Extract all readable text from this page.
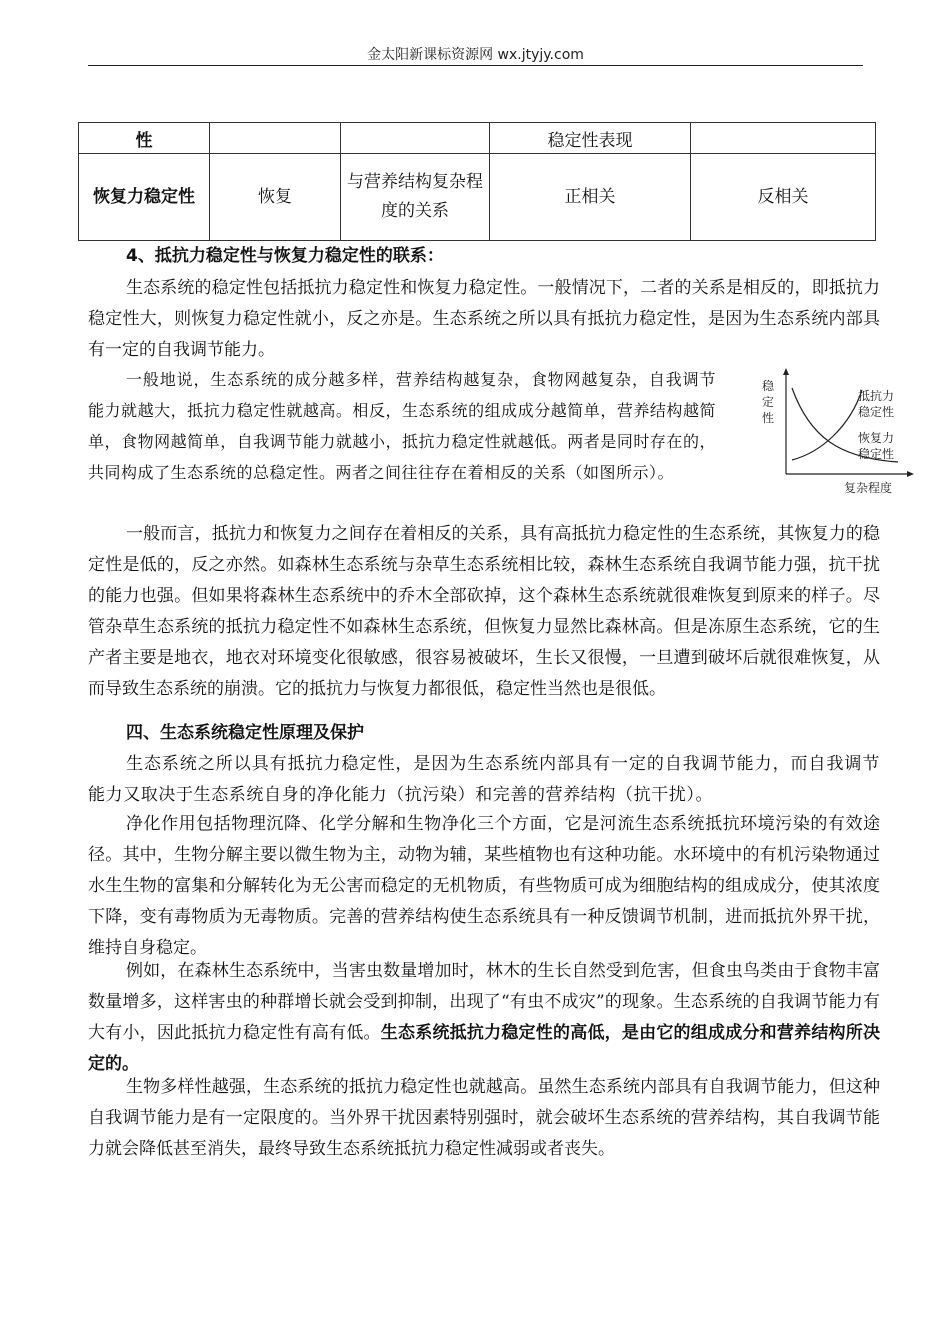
金太阳新课标资源网 wx.jtyjy.com
性			稳定性表现	
恢复力稳定性	恢复	与营养结构复杂程度的关系	正相关	反相关

4、抵抗力稳定性与恢复力稳定性的联系：

生态系统的稳定性包括抵抗力稳定性和恢复力稳定性。一般情况下，二者的关系是相反的，即抵抗力稳定性大，则恢复力稳定性就小，反之亦是。生态系统之所以具有抵抗力稳定性，是因为生态系统内部具有一定的自我调节能力。

一般地说，生态系统的成分越多样，营养结构越复杂，食物网越复杂，自我调节能力就越大，抵抗力稳定性就越高。相反，生态系统的组成成分越简单，营养结构越简单，食物网越简单，自我调节能力就越小，抵抗力稳定性就越低。两者是同时存在的，共同构成了生态系统的总稳定性。两者之间往往存在着相反的关系（如图所示）。

稳
定
性
抵抗力
稳定性
恢复力
稳定性
复杂程度

一般而言，抵抗力和恢复力之间存在着相反的关系，具有高抵抗力稳定性的生态系统，其恢复力的稳定性是低的，反之亦然。如森林生态系统与杂草生态系统相比较，森林生态系统自我调节能力强，抗干扰的能力也强。但如果将森林生态系统中的乔木全部砍掉，这个森林生态系统就很难恢复到原来的样子。尽管杂草生态系统的抵抗力稳定性不如森林生态系统，但恢复力显然比森林高。但是冻原生态系统，它的生产者主要是地衣，地衣对环境变化很敏感，很容易被破坏，生长又很慢，一旦遭到破坏后就很难恢复，从而导致生态系统的崩溃。它的抵抗力与恢复力都很低，稳定性当然也是很低。

四、生态系统稳定性原理及保护

生态系统之所以具有抵抗力稳定性，是因为生态系统内部具有一定的自我调节能力，而自我调节能力又取决于生态系统自身的净化能力（抗污染）和完善的营养结构（抗干扰）。

净化作用包括物理沉降、化学分解和生物净化三个方面，它是河流生态系统抵抗环境污染的有效途径。其中，生物分解主要以微生物为主，动物为辅，某些植物也有这种功能。水环境中的有机污染物通过水生生物的富集和分解转化为无公害而稳定的无机物质，有些物质可成为细胞结构的组成成分，使其浓度下降，变有毒物质为无毒物质。完善的营养结构使生态系统具有一种反馈调节机制，进而抵抗外界干扰，维持自身稳定。

例如，在森林生态系统中，当害虫数量增加时，林木的生长自然受到危害，但食虫鸟类由于食物丰富数量增多，这样害虫的种群增长就会受到抑制，出现了“有虫不成灾”的现象。生态系统的自我调节能力有大有小，因此抵抗力稳定性有高有低。生态系统抵抗力稳定性的高低，是由它的组成成分和营养结构所决定的。

生物多样性越强，生态系统的抵抗力稳定性也就越高。虽然生态系统内部具有自我调节能力，但这种自我调节能力是有一定限度的。当外界干扰因素特别强时，就会破坏生态系统的营养结构，其自我调节能力就会降低甚至消失，最终导致生态系统抵抗力稳定性减弱或者丧失。
